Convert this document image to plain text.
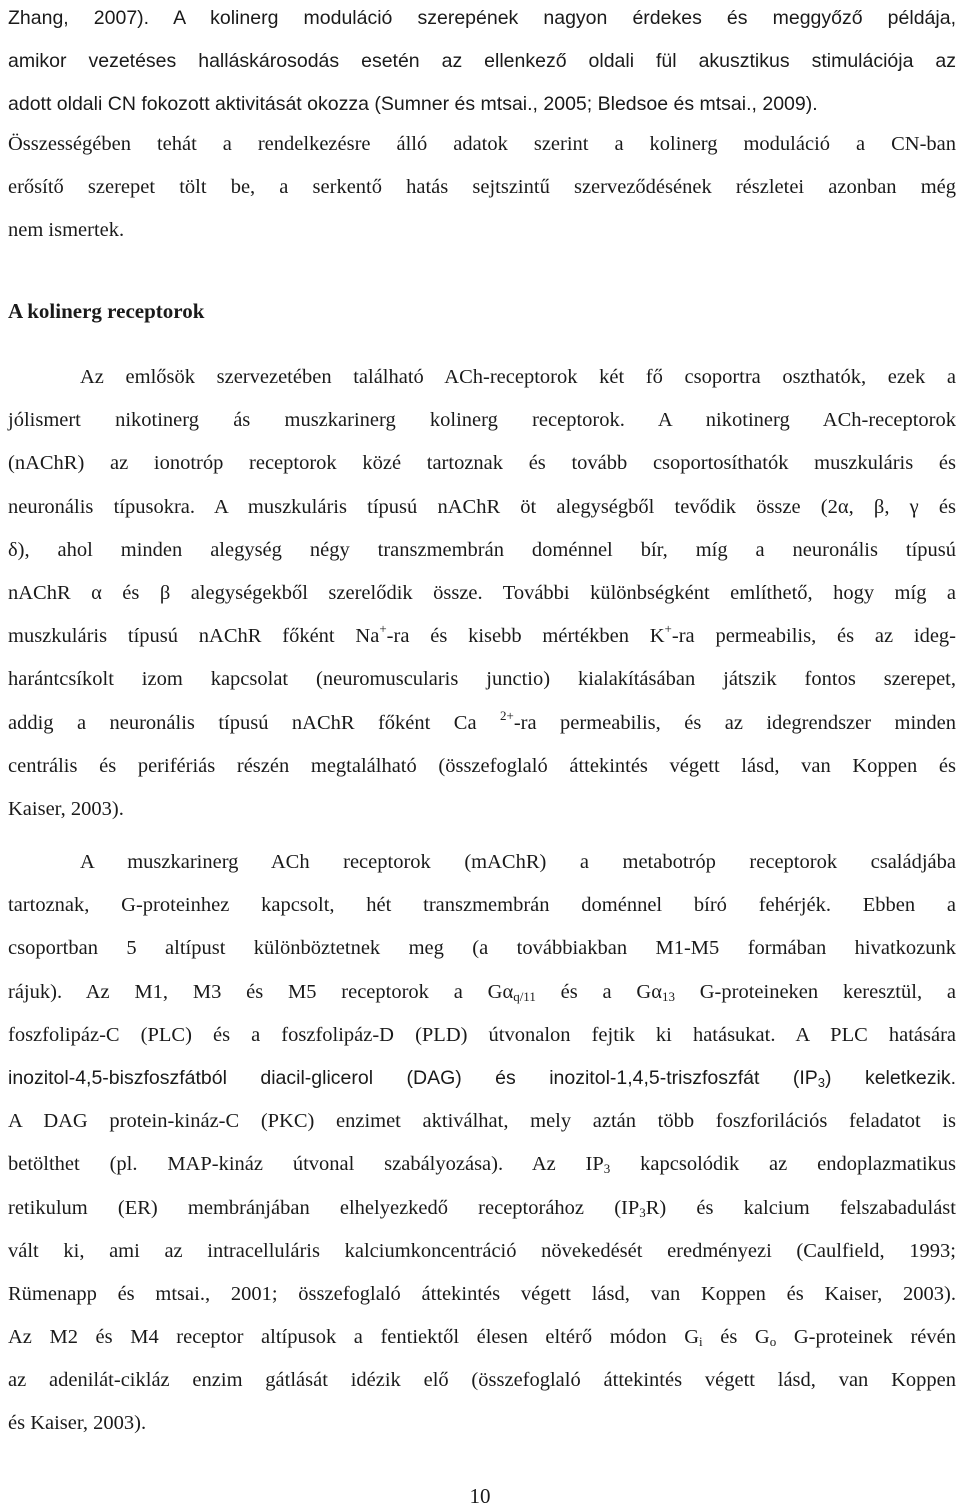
Zhang, 2007). A kolinerg moduláció szerepének nagyon érdekes és meggyőző példája,
amikor vezetéses halláskárosodás esetén az ellenkező oldali fül akusztikus stimulációja az
adott oldali CN fokozott aktivitását okozza (Sumner és mtsai., 2005; Bledsoe és mtsai., 2009).
Összességében tehát a rendelkezésre álló adatok szerint a kolinerg moduláció a CN-ban
erősítő szerepet tölt be, a serkentő hatás sejtszintű szerveződésének részletei azonban még
nem ismertek.
A kolinerg receptorok
Az emlősök szervezetében található ACh-receptorok két fő csoportra oszthatók, ezek a
jólismert nikotinerg ás muszkarinerg kolinerg receptorok. A nikotinerg ACh-receptorok
(nAChR) az ionotróp receptorok közé tartoznak és tovább csoportosíthatók muszkuláris és
neuronális típusokra. A muszkuláris típusú nAChR öt alegységből tevődik össze (2α, β, γ és
δ), ahol minden alegység négy transzmembrán doménnel bír, míg a neuronális típusú
nAChR α és β alegységekből szerelődik össze. További különbségként említhető, hogy míg a
muszkuláris típusú nAChR főként Na+-ra és kisebb mértékben K+-ra permeabilis, és az ideg-
harántcsíkolt izom kapcsolat (neuromuscularis junctio) kialakításában játszik fontos szerepet,
addig a neuronális típusú nAChR főként Ca $^{2+}$-ra permeabilis, és az idegrendszer minden
centrális és perifériás részén megtalálható (összefoglaló áttekintés végett lásd, van Koppen és
Kaiser, 2003).
A muszkarinerg ACh receptorok (mAChR) a metabotróp receptorok családjába
tartoznak, G-proteinhez kapcsolt, hét transzmembrán doménnel bíró fehérjék. Ebben a
csoportban 5 altípust különböztetnek meg (a továbbiakban M1-M5 formában hivatkozunk
rájuk). Az M1, M3 és M5 receptorok a $G\alpha_{q/11}$ és a $G\alpha_{13}$ G-proteineken keresztül, a
foszfolipáz-C (PLC) és a foszfolipáz-D (PLD) útvonalon fejtik ki hatásukat. A PLC hatására
inozitol-4,5-biszfoszfátból diacil-glicerol (DAG) és inozitol-1,4,5-triszfoszfát $(IP_3)$ keletkezik.
A DAG protein-kináz-C (PKC) enzimet aktiválhat, mely aztán több foszforilációs feladatot is
betölthet (pl. MAP-kináz útvonal szabályozása). Az $IP_3$ kapcsolódik az endoplazmatikus
retikulum (ER) membránjában elhelyezkedő receptorához $(IP_3R)$ és kalcium felszabadulást
vált ki, ami az intracelluláris kalciumkoncentráció növekedését eredményezi (Caulfield, 1993;
Rümenapp és mtsai., 2001; összefoglaló áttekintés végett lásd, van Koppen és Kaiser, 2003).
Az M2 és M4 receptor altípusok a fentiektől élesen eltérő módon $G_i$ és $G_o$ G-proteinek révén
az adenilát-cikláz enzim gátlását idézik elő (összefoglaló áttekintés végett lásd, van Koppen
és Kaiser, 2003).

10
